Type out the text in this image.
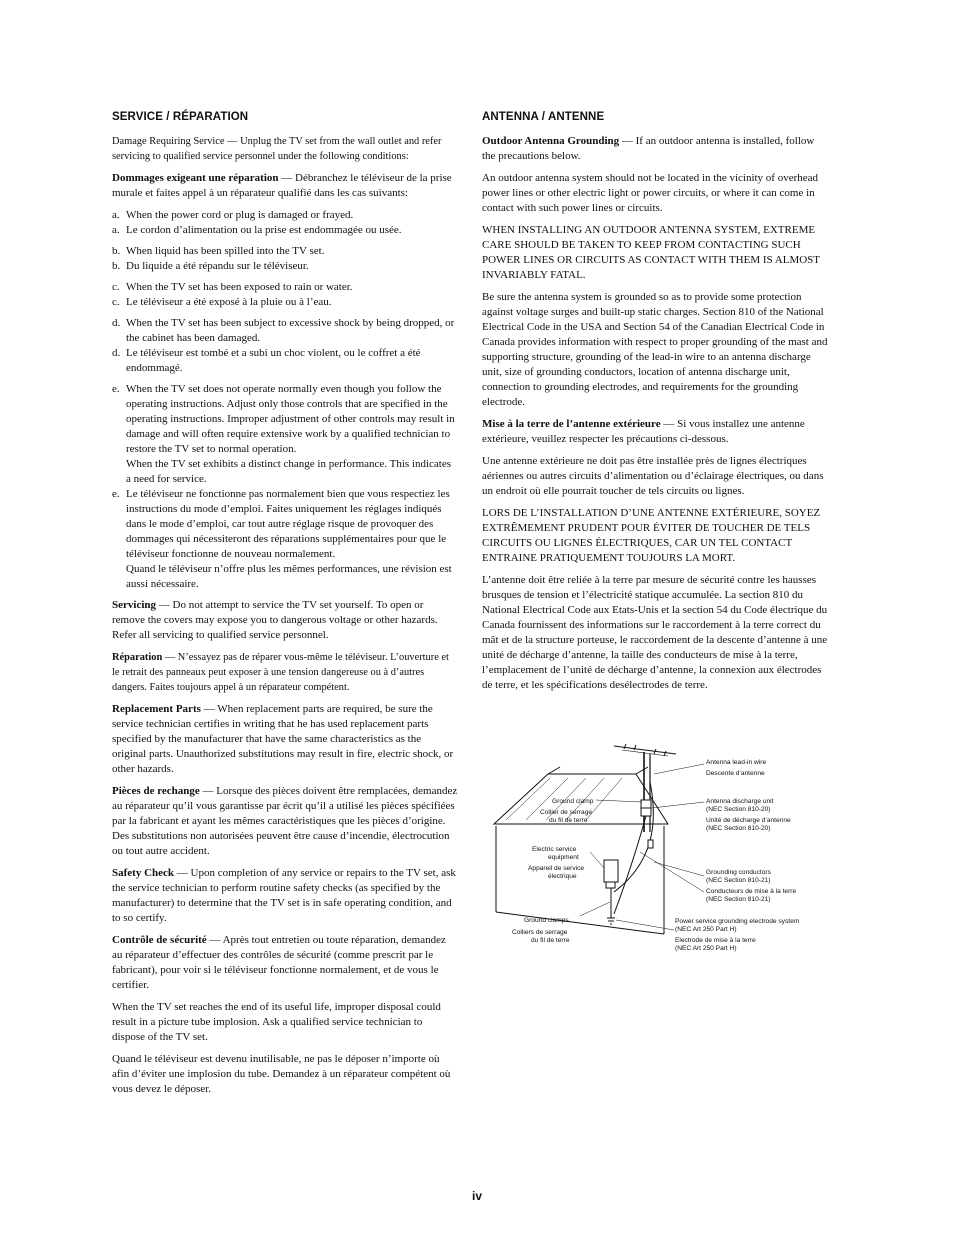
SERVICE / RÉPARATION

Damage Requiring Service — Unplug the TV set from the wall outlet and refer servicing to qualified service personnel under the following conditions:

Dommages exigeant une réparation — Débranchez le téléviseur de la prise murale et faites appel à un réparateur qualifié dans les cas suivants:

a. When the power cord or plug is damaged or frayed.
a. Le cordon d’alimentation ou la prise est endommagée ou usée.
b. When liquid has been spilled into the TV set.
b. Du liquide a été répandu sur le téléviseur.
c. When the TV set has been exposed to rain or water.
c. Le téléviseur a été exposé à la pluie ou à l’eau.
d. When the TV set has been subject to excessive shock by being dropped, or the cabinet has been damaged.
d. Le téléviseur est tombé et a subi un choc violent, ou le coffret a été endommagé.
e. When the TV set does not operate normally even though you follow the operating instructions. Adjust only those controls that are specified in the operating instructions. Improper adjustment of other controls may result in damage and will often require extensive work by a qualified technician to restore the TV set to normal operation.
When the TV set exhibits a distinct change in performance. This indicates a need for service.
e. Le téléviseur ne fonctionne pas normalement bien que vous respectiez les instructions du mode d’emploi. Faites uniquement les réglages indiqués dans le mode d’emploi, car tout autre réglage risque de provoquer des dommages qui nécessiteront des réparations supplémentaires pour que le téléviseur fonctionne de nouveau normalement.
Quand le téléviseur n’offre plus les mêmes performances, une révision est aussi nécessaire.

Servicing — Do not attempt to service the TV set yourself. To open or remove the covers may expose you to dangerous voltage or other hazards. Refer all servicing to qualified service personnel.

Réparation — N’essayez pas de réparer vous-même le téléviseur. L’ouverture et le retrait des panneaux peut exposer à une tension dangereuse ou à d’autres dangers. Faites toujours appel à un réparateur compétent.

Replacement Parts — When replacement parts are required, be sure the service technician certifies in writing that he has used replacement parts specified by the manufacturer that have the same characteristics as the original parts. Unauthorized substitutions may result in fire, electric shock, or other hazards.

Pièces de rechange — Lorsque des pièces doivent être remplacées, demandez au réparateur qu’il vous garantisse par écrit qu’il a utilisé les pièces spécifiées par la fabricant et ayant les mêmes caractéristiques que les pièces d’origine. Des substitutions non autorisées peuvent être cause d’incendie, électrocution ou tout autre accident.

Safety Check — Upon completion of any service or repairs to the TV set, ask the service technician to perform routine safety checks (as specified by the manufacturer) to determine that the TV set is in safe operating condition, and to so certify.

Contrôle de sécurité — Après tout entretien ou toute réparation, demandez au réparateur d’effectuer des contrôles de sécurité (comme prescrit par le fabricant), pour voir si le téléviseur fonctionne normalement, et de vous le certifier.

When the TV set reaches the end of its useful life, improper disposal could result in a picture tube implosion. Ask a qualified service technician to dispose of the TV set.

Quand le téléviseur est devenu inutilisable, ne pas le déposer n’importe où afin d’éviter une implosion du tube. Demandez à un réparateur compétent où vous devez le déposer.

ANTENNA / ANTENNE

Outdoor Antenna Grounding — If an outdoor antenna is installed, follow the precautions below.

An outdoor antenna system should not be located in the vicinity of overhead power lines or other electric light or power circuits, or where it can come in contact with such power lines or circuits.

WHEN INSTALLING AN OUTDOOR ANTENNA SYSTEM, EXTREME CARE SHOULD BE TAKEN TO KEEP FROM CONTACTING SUCH POWER LINES OR CIRCUITS AS CONTACT WITH THEM IS ALMOST INVARIABLY FATAL.

Be sure the antenna system is grounded so as to provide some protection against voltage surges and built-up static charges. Section 810 of the National Electrical Code in the USA and Section 54 of the Canadian Electrical Code in Canada provides information with respect to proper grounding of the mast and supporting structure, grounding of the lead-in wire to an antenna discharge unit, size of grounding conductors, location of antenna discharge unit, connection to grounding electrodes, and requirements for the grounding electrode.

Mise à la terre de l’antenne extérieure — Si vous installez une antenne extérieure, veuillez respecter les précautions ci-dessous.

Une antenne extérieure ne doit pas être installée près de lignes électriques aériennes ou autres circuits d’alimentation ou d’éclairage électriques, ou dans un endroit où elle pourrait toucher de tels circuits ou lignes.

LORS DE L’INSTALLATION D’UNE ANTENNE EXTÉRIEURE, SOYEZ EXTRÊMEMENT PRUDENT POUR ÉVITER DE TOUCHER DE TELS CIRCUITS OU LIGNES ÉLECTRIQUES, CAR UN TEL CONTACT ENTRAINE PRATIQUEMENT TOUJOURS LA MORT.

L’antenne doit être reliée à la terre par mesure de sécurité contre les hausses brusques de tension et l’électricité statique accumulée. La section 810 du National Electrical Code aux Etats-Unis et la section 54 du Code électrique du Canada fournissent des informations sur le raccordement à la terre correct du mât et de la structure porteuse, le raccordement de la descente d’antenne à une unité de décharge d’antenne, la taille des conducteurs de mise à la terre, l’emplacement de l’unité de décharge d’antenne, la connexion aux électrodes de terre, et les spécifications desélectrodes de terre.

Antenna lead-in wire
Descente d’antenne
Antenna discharge unit
(NEC Section 810-20)
Unité de décharge d’antenne
(NEC Section 810-20)
Ground clamp
Collier de serrage
du fil de terre
Electric service
equipment
Appareil de service
électrique
Grounding conductors
(NEC Section 810-21)
Conducteurs de mise à la terre
(NEC Section 810-21)
Ground clamps
Colliers de serrage
du fil de terre
Power service grounding electrode system
(NEC Art 250 Part H)
Electrode de mise à la terre
(NEC Art 250 Part H)
iv
